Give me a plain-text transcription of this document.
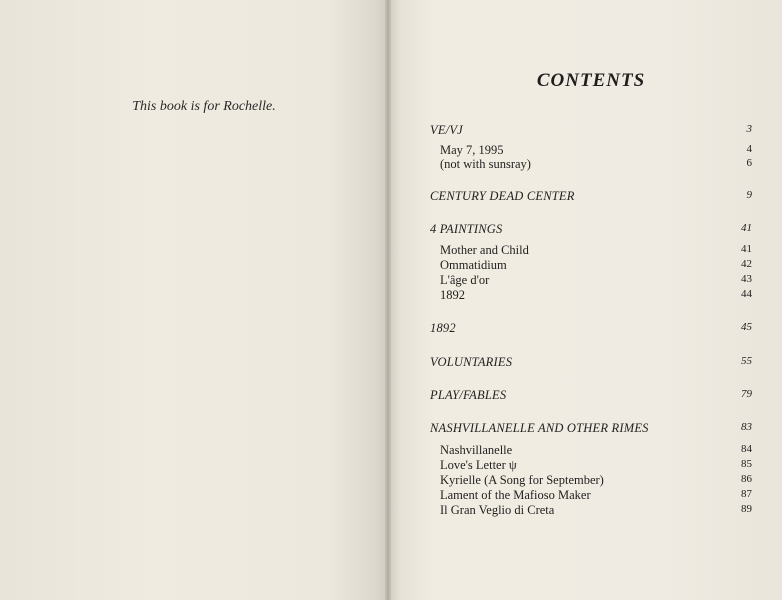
This book is for Rochelle.
CONTENTS
VE/VJ	3
May 7, 1995	4
(not with sunsray)	6
CENTURY DEAD CENTER	9
4 PAINTINGS	41
Mother and Child	41
Ommatidium	42
L'âge d'or	43
1892	44
1892	45
VOLUNTARIES	55
PLAY/FABLES	79
NASHVILLANELLE AND OTHER RIMES	83
Nashvillanelle	84
Love's Letter ψ	85
Kyrielle (A Song for September)	86
Lament of the Mafioso Maker	87
Il Gran Veglio di Creta	89
